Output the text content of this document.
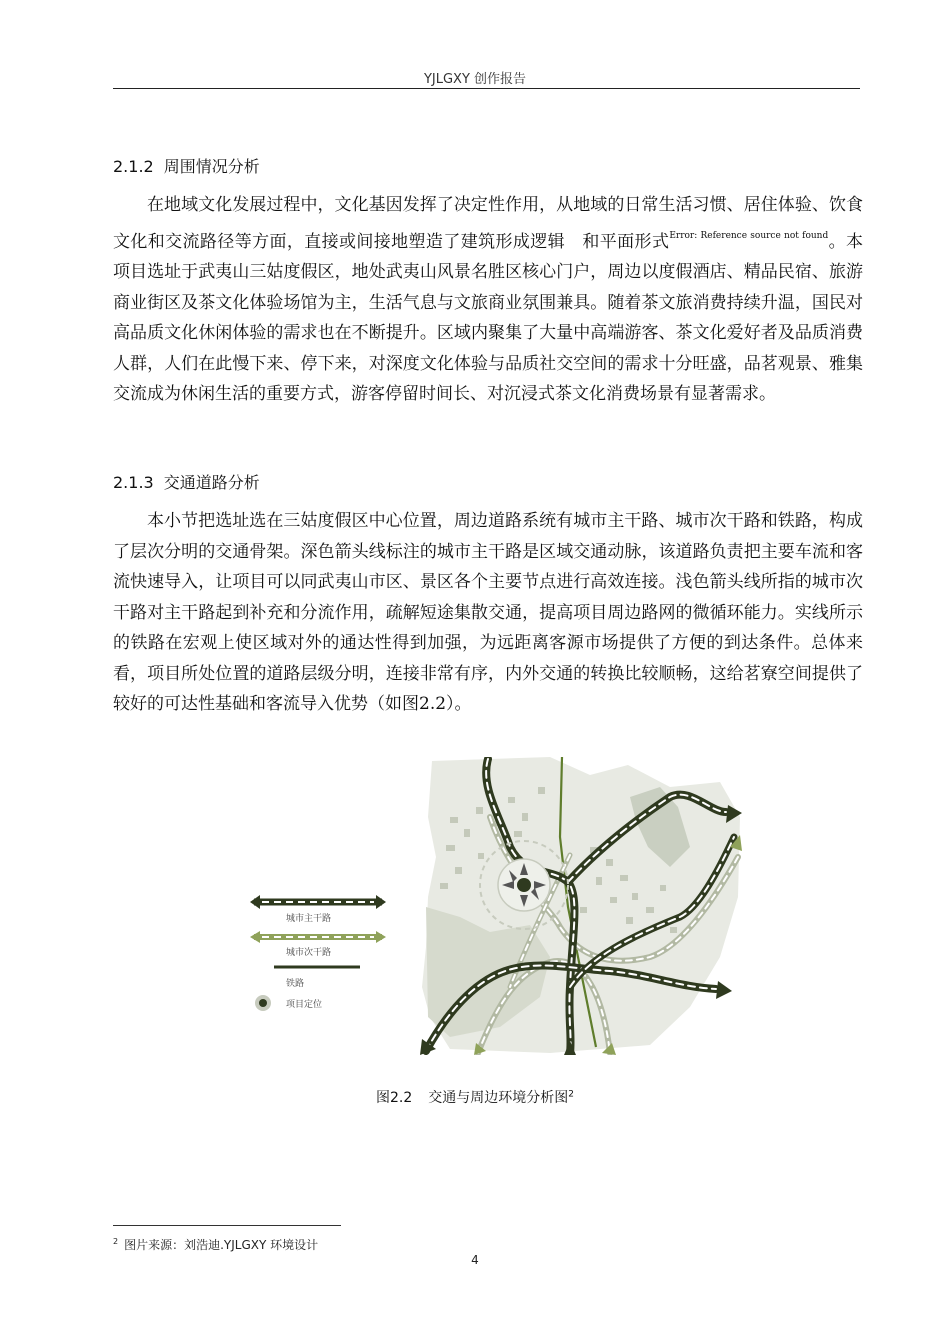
YJLGXY 创作报告
2.1.2 周围情况分析

在地域文化发展过程中，文化基因发挥了决定性作用，从地域的日常生活习惯、居住体验、饮食文化和交流路径等方面，直接或间接地塑造了建筑形成逻辑　和平面形式$^{Error: Reference source not found}$。本项目选址于武夷山三姑度假区，地处武夷山风景名胜区核心门户，周边以度假酒店、精品民宿、旅游商业街区及茶文化体验场馆为主，生活气息与文旅商业氛围兼具。随着茶文旅消费持续升温，国民对高品质文化休闲体验的需求也在不断提升。区域内聚集了大量中高端游客、茶文化爱好者及品质消费人群，人们在此慢下来、停下来，对深度文化体验与品质社交空间的需求十分旺盛，品茗观景、雅集交流成为休闲生活的重要方式，游客停留时间长、对沉浸式茶文化消费场景有显著需求。

2.1.3 交通道路分析

本小节把选址选在三姑度假区中心位置，周边道路系统有城市主干路、城市次干路和铁路，构成了层次分明的交通骨架。深色箭头线标注的城市主干路是区域交通动脉，该道路负责把主要车流和客流快速导入，让项目可以同武夷山市区、景区各个主要节点进行高效连接。浅色箭头线所指的城市次干路对主干路起到补充和分流作用，疏解短途集散交通，提高项目周边路网的微循环能力。实线所示的铁路在宏观上使区域对外的通达性得到加强，为远距离客源市场提供了方便的到达条件。总体来看，项目所处位置的道路层级分明，连接非常有序，内外交通的转换比较顺畅，这给茗寮空间提供了较好的可达性基础和客流导入优势（如图2.2）。

城市主干路
城市次干路
铁路
项目定位
图2.2 交通与周边环境分析图$^2$
$^2$ 图片来源：刘浩迪.YJLGXY 环境设计
4
